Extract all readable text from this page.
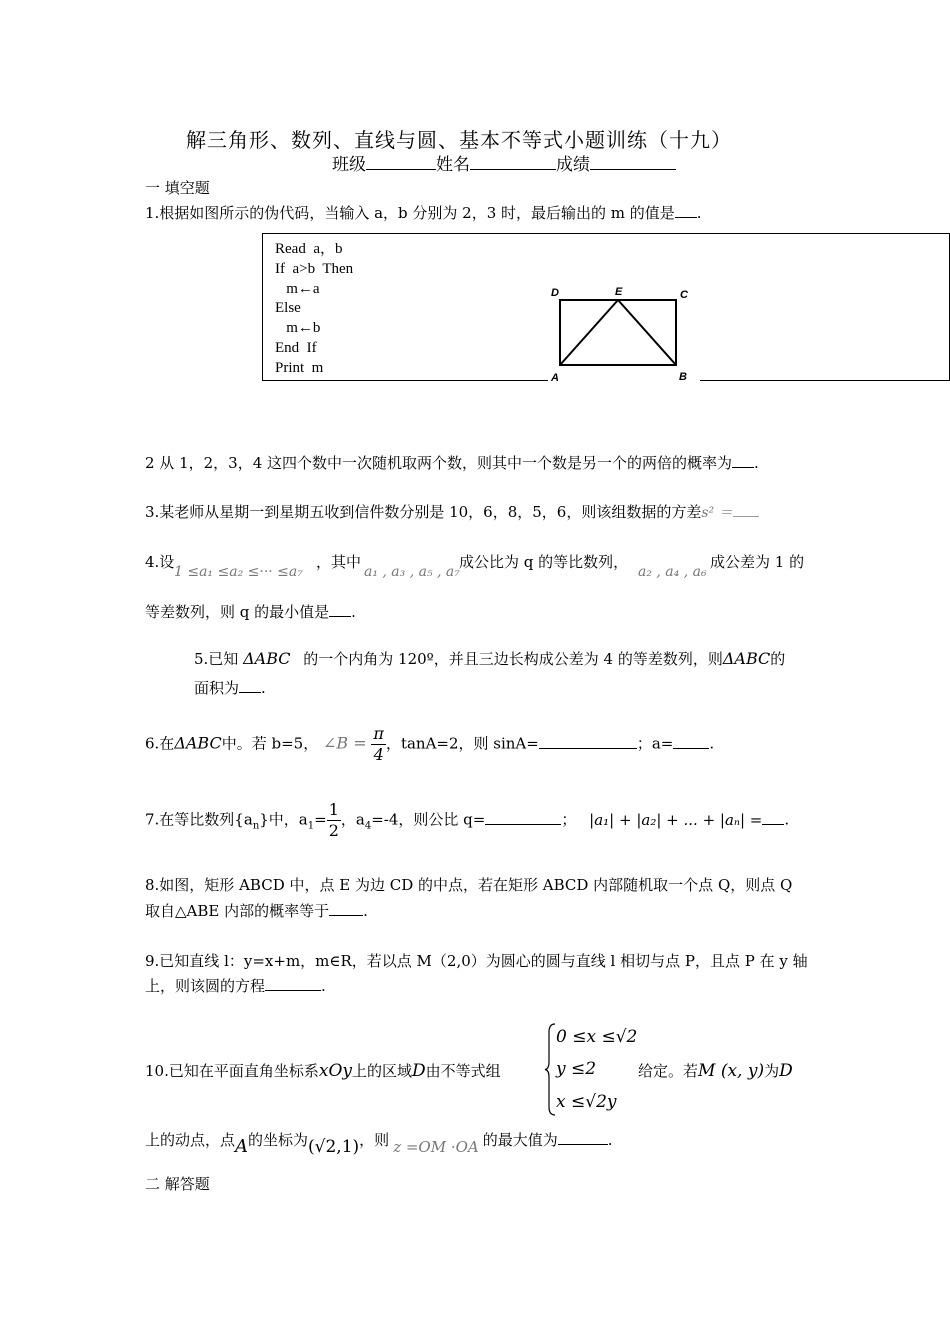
解三角形、数列、直线与圆、基本不等式小题训练（十九）
班级	姓名	成绩
一 填空题
1.根据如图所示的伪代码，当输入 a，b 分别为 2，3 时，最后输出的 m 的值是 .
Read  a，b
If  a>b  Then
m←a
Else
m←b
End  If
Print  m
D	E	C
A	B
2 从 1，2，3，4 这四个数中一次随机取两个数，则其中一个数是另一个的两倍的概率为 .
3.某老师从星期一到星期五收到信件数分别是 10，6，8，5，6，则该组数据的方差s² ＝
4.设
1 ≤a₁ ≤a₂ ≤··· ≤a₇
，其中
a₁ , a₃ , a₅ , a₇
成公比为 q 的等比数列，
a₂ , a₄ , a₆
成公差为 1 的
等差数列，则 q 的最小值是 .
5.已知 ΔABC 的一个内角为 120º，并且三边长构成公差为 4 的等差数列，则ΔABC的
面积为 .
6.在ΔABC中。若 b=5， ∠B = $\frac{\pi}{4}$ ，tanA=2，则 sinA=	；a= .
7.在等比数列$\{a_n\}$中，$a_1= \frac{1}{2}$ ，$a_4=-4$，则公比 q=	； |a₁| + |a₂| + ... + |aₙ| = .
8.如图，矩形 ABCD 中，点 E 为边 CD 的中点，若在矩形 ABCD 内部随机取一个点 Q，则点 Q
取自△ABE 内部的概率等于 .
9.已知直线 l：y=x+m，m∈R，若以点 M（2,0）为圆心的圆与直线 l 相切与点 P，且点 P 在 y 轴
上，则该圆的方程	.
10.已知在平面直角坐标系xOy上的区域D由不等式组
0 ≤x ≤√2
y ≤2
x ≤√2y
给定。若M (x, y)为D
上的动点，点A的坐标为(√2,1)，则 z =OM ·OA 的最大值为	.
二 解答题
